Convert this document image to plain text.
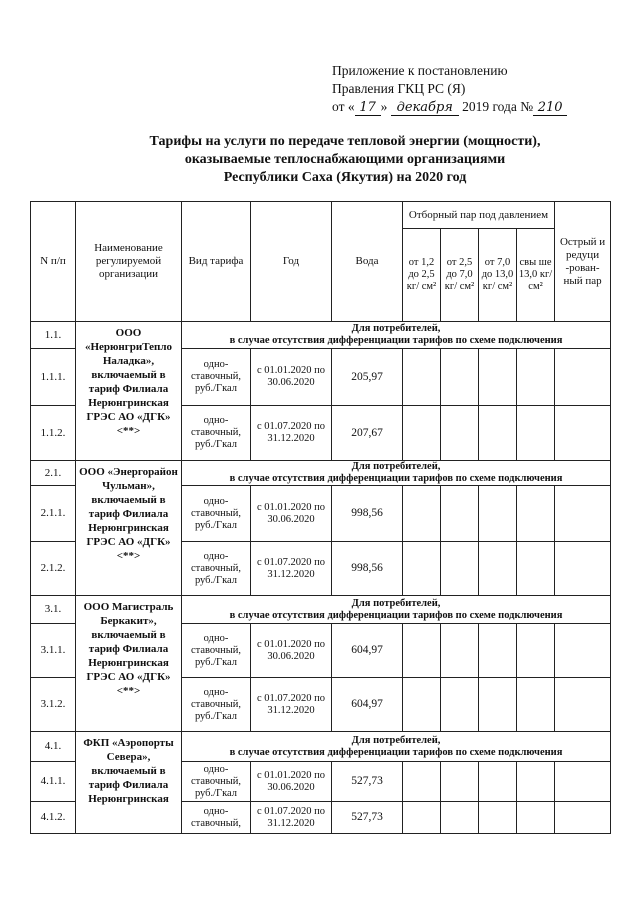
Приложение к постановлению
Правления ГКЦ РС (Я)
от « 17 » декабря 2019 года № 210
Тарифы на услуги по передаче тепловой энергии (мощности),
оказываемые теплоснабжающими организациями
Республики Саха (Якутия) на 2020 год
N п/п	Наименование регулируемой организации	Вид тарифа	Год	Вода	Отборный пар под давлением				Острый и редуци -рован- ный пар
					от 1,2 до 2,5 кг/ см²	от 2,5 до 7,0 кг/ см²	от 7,0 до 13,0 кг/ см²	свы ше 13,0 кг/ см²	
1.1.	ООО «НерюнгриТепло Наладка», включаемый в тариф Филиала Нерюнгринская ГРЭС АО «ДГК» <**>	Для потребителей,
в случае отсутствия дифференциации тарифов по схеме подключения							

1.1.1.		одно- ставочный, руб./Гкал	с 01.01.2020 по 30.06.2020	205,97					
1.1.2.		одно- ставочный, руб./Гкал	с 01.07.2020 по 31.12.2020	207,67					
2.1.	ООО «Энергорайон Чульман», включаемый в тариф Филиала Нерюнгринская ГРЭС АО «ДГК» <**>	Для потребителей,
в случае отсутствия дифференциации тарифов по схеме подключения							

2.1.1.		одно- ставочный, руб./Гкал	с 01.01.2020 по 30.06.2020	998,56					
2.1.2.		одно- ставочный, руб./Гкал	с 01.07.2020 по 31.12.2020	998,56					
3.1.	ООО Магистраль Беркакит», включаемый в тариф Филиала Нерюнгринская ГРЭС АО «ДГК» <**>	Для потребителей,
в случае отсутствия дифференциации тарифов по схеме подключения							

3.1.1.		одно- ставочный, руб./Гкал	с 01.01.2020 по 30.06.2020	604,97					
3.1.2.		одно- ставочный, руб./Гкал	с 01.07.2020 по 31.12.2020	604,97					
4.1.	ФКП «Аэропорты Севера», включаемый в тариф Филиала Нерюнгринская	Для потребителей,
в случае отсутствия дифференциации тарифов по схеме подключения							

4.1.1.		одно- ставочный, руб./Гкал	с 01.01.2020 по 30.06.2020	527,73					
4.1.2.		одно- ставочный,	с 01.07.2020 по 31.12.2020	527,73					
